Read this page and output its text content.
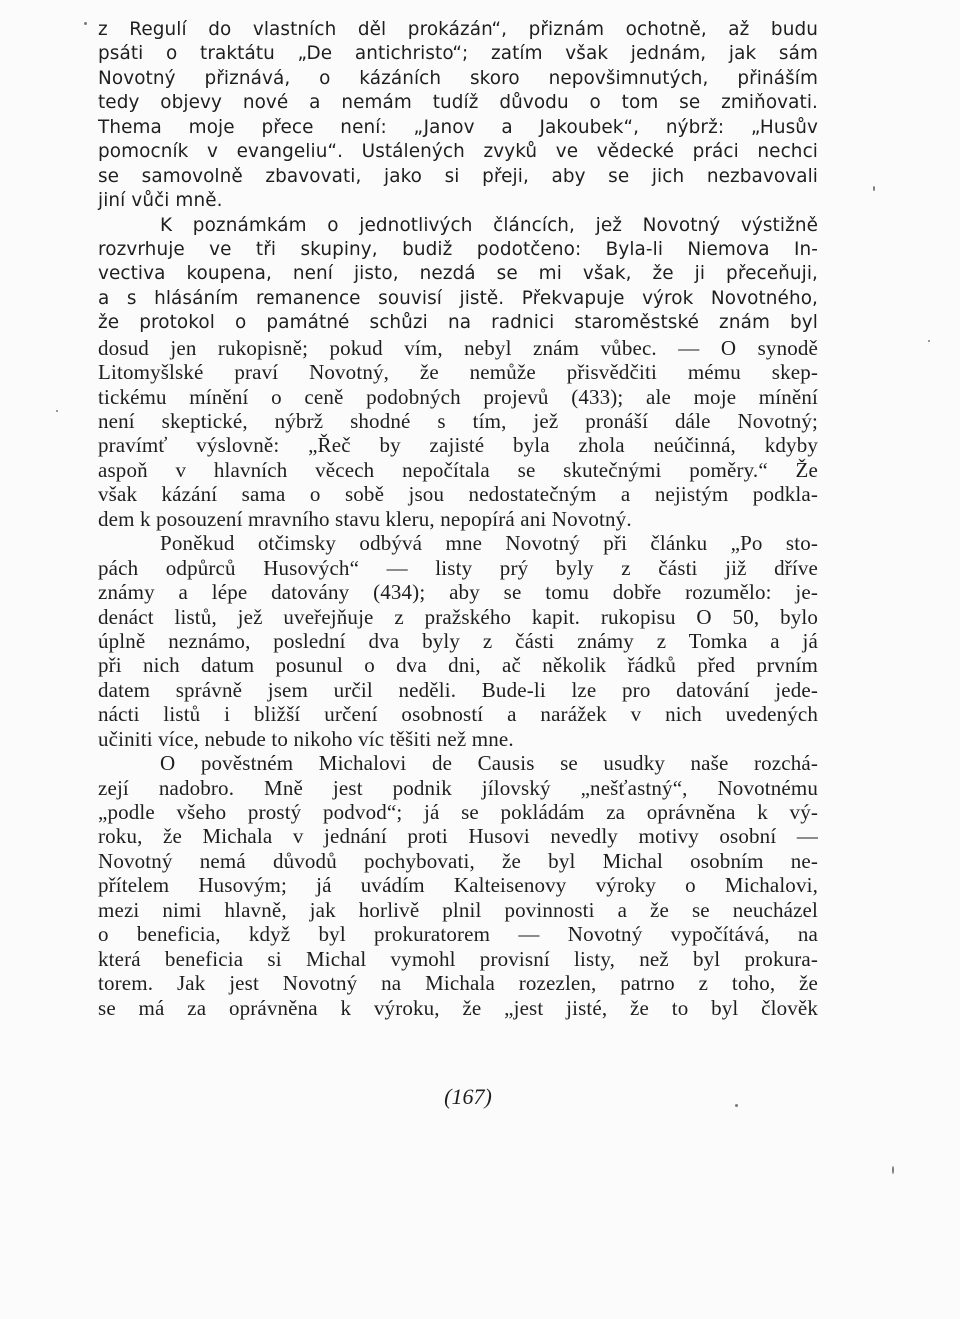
z Regulí do vlastních děl prokázán“, přiznám ochotně, až budu
psáti o traktátu „De antichristo“; zatím však jednám, jak sám
Novotný přiznává, o kázáních skoro nepovšimnutých, přináším
tedy objevy nové a nemám tudíž důvodu o tom se zmiňovati.
Thema moje přece není: „Janov a Jakoubek“, nýbrž: „Husův
pomocník v evangeliu“. Ustálených zvyků ve vědecké práci nechci
se samovolně zbavovati, jako si přeji, aby se jich nezbavovali
jiní vůči mně.
K poznámkám o jednotlivých článcích, jež Novotný výstižně
rozvrhuje ve tři skupiny, budiž podotčeno: Byla-li Niemova In-
vectiva koupena, není jisto, nezdá se mi však, že ji přeceňuji,
a s hlásáním remanence souvisí jistě. Překvapuje výrok Novotného,
že protokol o památné schůzi na radnici staroměstské znám byl
dosud jen rukopisně; pokud vím, nebyl znám vůbec. — O synodě
Litomyšlské praví Novotný, že nemůže přisvědčiti mému skep-
tickému mínění o ceně podobných projevů (433); ale moje mínění
není skeptické, nýbrž shodné s tím, jež pronáší dále Novotný;
pravímť výslovně: „Řeč by zajisté byla zhola neúčinná, kdyby
aspoň v hlavních věcech nepočítala se skutečnými poměry.“ Že
však kázání sama o sobě jsou nedostatečným a nejistým podkla-
dem k posouzení mravního stavu kleru, nepopírá ani Novotný.
Poněkud otčimsky odbývá mne Novotný při článku „Po sto-
pách odpůrců Husových“ — listy prý byly z části již dříve
známy a lépe datovány (434); aby se tomu dobře rozumělo: je-
denáct listů, jež uveřejňuje z pražského kapit. rukopisu O 50, bylo
úplně neznámo, poslední dva byly z části známy z Tomka a já
při nich datum posunul o dva dni, ač několik řádků před prvním
datem správně jsem určil neděli. Bude-li lze pro datování jede-
nácti listů i bližší určení osobností a narážek v nich uvedených
učiniti více, nebude to nikoho víc těšiti než mne.
O pověstném Michalovi de Causis se usudky naše rozchá-
zejí nadobro. Mně jest podnik jílovský „nešťastný“, Novotnému
„podle všeho prostý podvod“; já se pokládám za oprávněna k vý-
roku, že Michala v jednání proti Husovi nevedly motivy osobní —
Novotný nemá důvodů pochybovati, že byl Michal osobním ne-
přítelem Husovým; já uvádím Kalteisenovy výroky o Michalovi,
mezi nimi hlavně, jak horlivě plnil povinnosti a že se neucházel
o beneficia, když byl prokuratorem — Novotný vypočítává, na
která beneficia si Michal vymohl provisní listy, než byl prokura-
torem. Jak jest Novotný na Michala rozezlen, patrno z toho, že
se má za oprávněna k výroku, že „jest jisté, že to byl člověk
(167)
